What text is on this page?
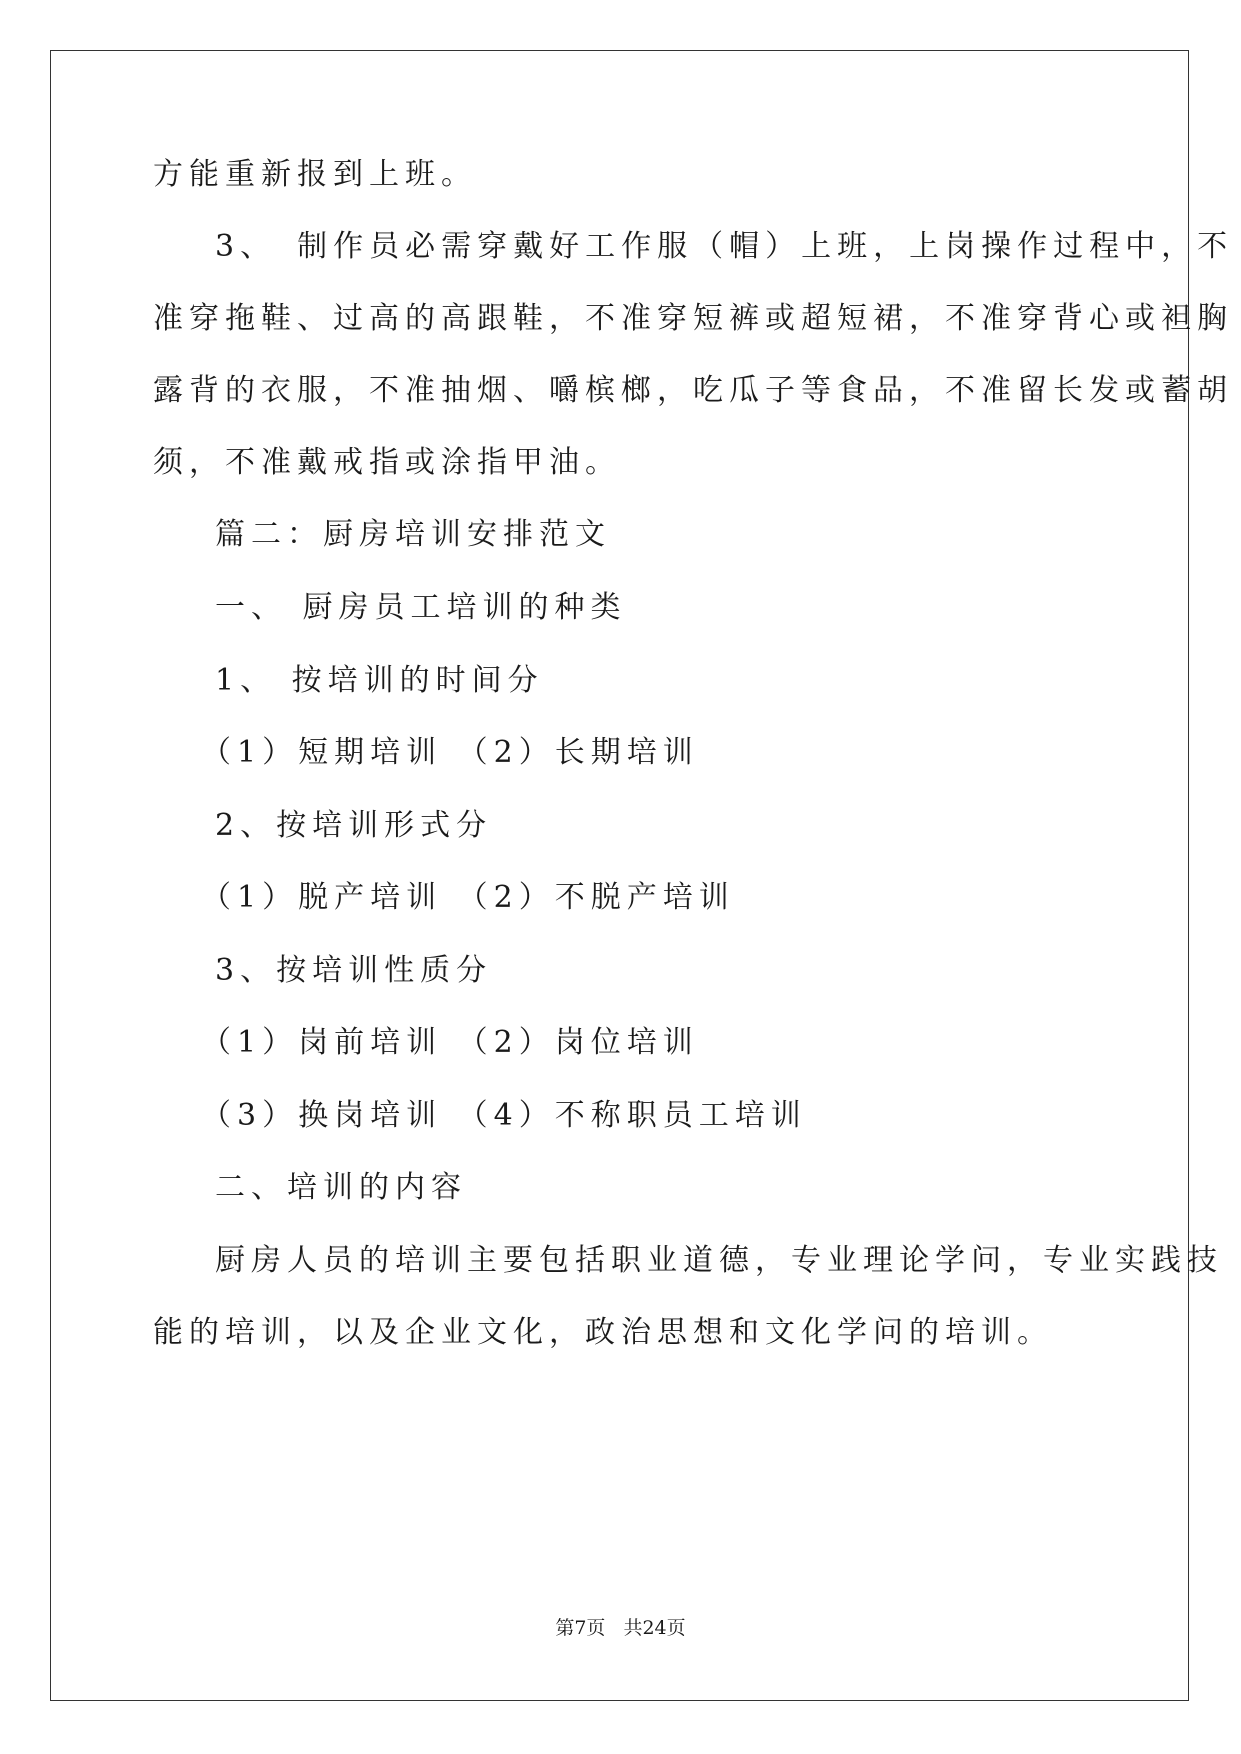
方能重新报到上班。

3、　制作员必需穿戴好工作服（帽）上班，上岗操作过程中，不

准穿拖鞋、过高的高跟鞋，不准穿短裤或超短裙，不准穿背心或袒胸

露背的衣服，不准抽烟、嚼槟榔，吃瓜子等食品，不准留长发或蓄胡

须，不准戴戒指或涂指甲油。

篇二：厨房培训安排范文

一、 厨房员工培训的种类

1、 按培训的时间分

（1）短期培训 （2）长期培训

2、按培训形式分

（1）脱产培训 （2）不脱产培训

3、按培训性质分

（1）岗前培训 （2）岗位培训

（3）换岗培训 （4）不称职员工培训

二、培训的内容

厨房人员的培训主要包括职业道德，专业理论学问，专业实践技

能的培训，以及企业文化，政治思想和文化学问的培训。

第7页 共24页
